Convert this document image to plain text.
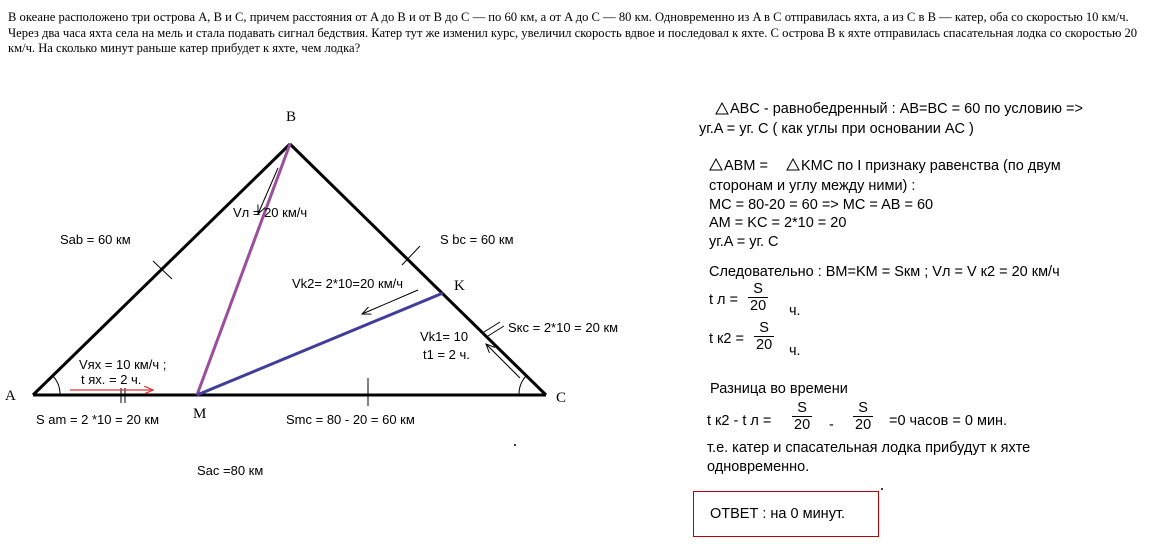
В океане расположено три острова A, B и C, причем расстояния от A до B и от B до C — по 60 км, а от A до C — 80 км. Одновременно из A в C отправилась яхта, а из C в B — катер, оба со скоростью 10 км/ч. Через два часа яхта села на мель и стала подавать сигнал бедствия. Катер тут же изменил курс, увеличил скорость вдвое и последовал к яхте. С острова B к яхте отправилась спасательная лодка со скоростью 20 км/ч. На сколько минут раньше катер прибудет к яхте, чем лодка?
A
B
C
M
K
Sab = 60 км	S bc = 60 км
Vл = 20 км/ч
Vk2= 2*10=20 км/ч
Sкс = 2*10 = 20 км
Vk1= 10
t1 = 2 ч.
Vях = 10 км/ч ;
t ях. = 2 ч.
S am = 2 *10 = 20 км	Smc = 80 - 20 = 60 км
Sac =80 км
ABC - равнобедренный : AB=BC = 60 по условию =>
уг.A = уг. C ( как углы при основании AC )
ABM = KMC по I признаку равенства (по двум
сторонам и углу между ними) :
MC = 80-20 = 60 => MC = AB = 60
AM = KC = 2*10 = 20
уг.A = уг. C
Следовательно : BM=KM = Sкм ; Vл = V к2 = 20 км/ч
t $л = \frac{S}{20} ч$.
t $к2 = \frac{S}{20} ч$.
Разница во времени
t к2 - t $л = \frac{S}{20} - \frac{S}{20} =0$ часов = 0 мин.
т.е. катер и спасательная лодка прибудут к яхте
одновременно.
ОТВЕТ : на 0 минут.
